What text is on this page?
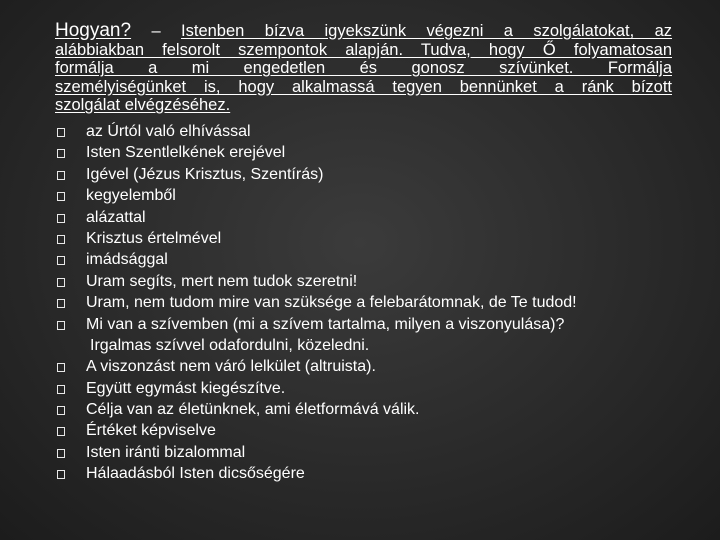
Hogyan? – Istenben bízva igyekszünk végezni a szolgálatokat, az
alábbiakban felsorolt szempontok alapján. Tudva, hogy Ő folyamatosan
formálja a mi engedetlen és gonosz szívünket. Formálja
személyiségünket is, hogy alkalmassá tegyen bennünket a ránk bízott
szolgálat elvégzéséhez.
az Úrtól való elhívással
Isten Szentlelkének erejével
Igével (Jézus Krisztus, Szentírás)
kegyelemből
alázattal
Krisztus értelmével
imádsággal
Uram segíts, mert nem tudok szeretni!
Uram, nem tudom mire van szüksége a felebarátomnak, de Te tudod!
Mi van a szívemben (mi a szívem tartalma, milyen a viszonyulása)?
Irgalmas szívvel odafordulni, közeledni.
A viszonzást nem váró lelkület (altruista).
Együtt egymást kiegészítve.
Célja van az életünknek, ami életformává válik.
Értéket képviselve
Isten iránti bizalommal
Hálaadásból Isten dicsőségére
